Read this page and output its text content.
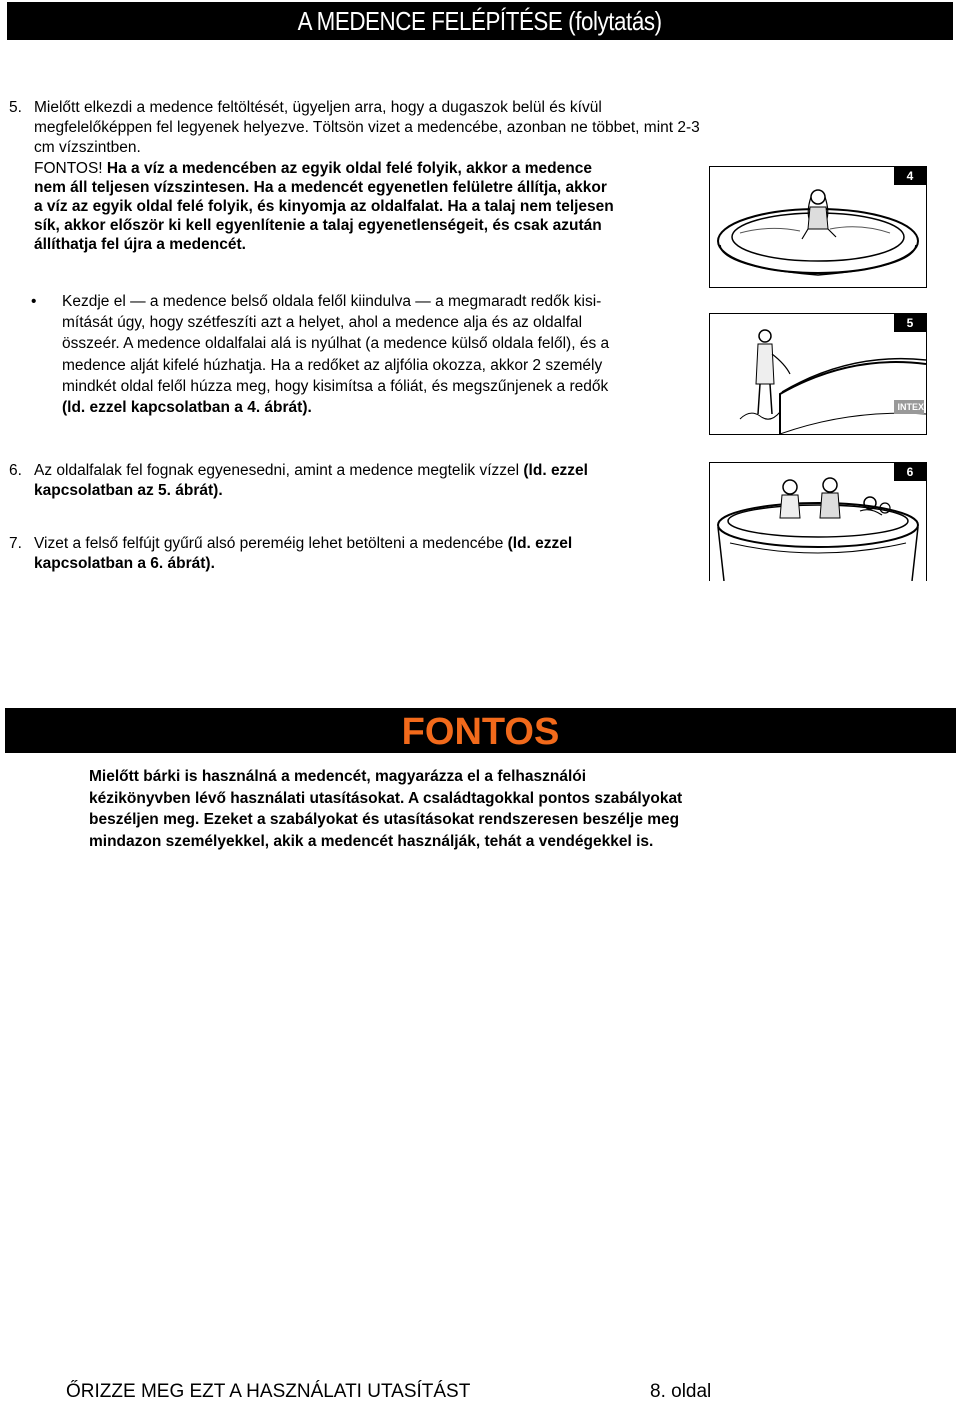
A MEDENCE FELÉPÍTÉSE (folytatás)
5. Mielőtt elkezdi a medence feltöltését, ügyeljen arra, hogy a dugaszok belül és kívül
megfelelőképpen fel legyenek helyezve. Töltsön vizet a medencébe, azonban ne többet, mint 2-3
cm vízszintben.
FONTOS! Ha a víz a medencében az egyik oldal felé folyik, akkor a medence
nem áll teljesen vízszintesen. Ha a medencét egyenetlen felületre állítja, akkor
a víz az egyik oldal felé folyik, és kinyomja az oldalfalat. Ha a talaj nem teljesen
sík, akkor először ki kell egyenlítenie a talaj egyenetlenségeit, és csak azután
állíthatja fel újra a medencét.
4
• Kezdje el — a medence belső oldala felől kiindulva — a megmaradt redők kisi-
mítását úgy, hogy szétfeszíti azt a helyet, ahol a medence alja és az oldalfal
összeér. A medence oldalfalai alá is nyúlhat (a medence külső oldala felől), és a
medence alját kifelé húzhatja. Ha a redőket az aljfólia okozza, akkor 2 személy
mindkét oldal felől húzza meg, hogy kisimítsa a fóliát, és megszűnjenek a redők
(ld. ezzel kapcsolatban a 4. ábrát).
5
INTEX
6. Az oldalfalak fel fognak egyenesedni, amint a medence megtelik vízzel (ld. ezzel
kapcsolatban az 5. ábrát).
7. Vizet a felső felfújt gyűrű alsó pereméig lehet betölteni a medencébe (ld. ezzel
kapcsolatban a 6. ábrát).
6
FONTOS
Mielőtt bárki is használná a medencét, magyarázza el a felhasználói
kézikönyvben lévő használati utasításokat. A családtagokkal pontos szabályokat
beszéljen meg. Ezeket a szabályokat és utasításokat rendszeresen beszélje meg
mindazon személyekkel, akik a medencét használják, tehát a vendégekkel is.
ŐRIZZE MEG EZT A HASZNÁLATI UTASÍTÁST	8. oldal
